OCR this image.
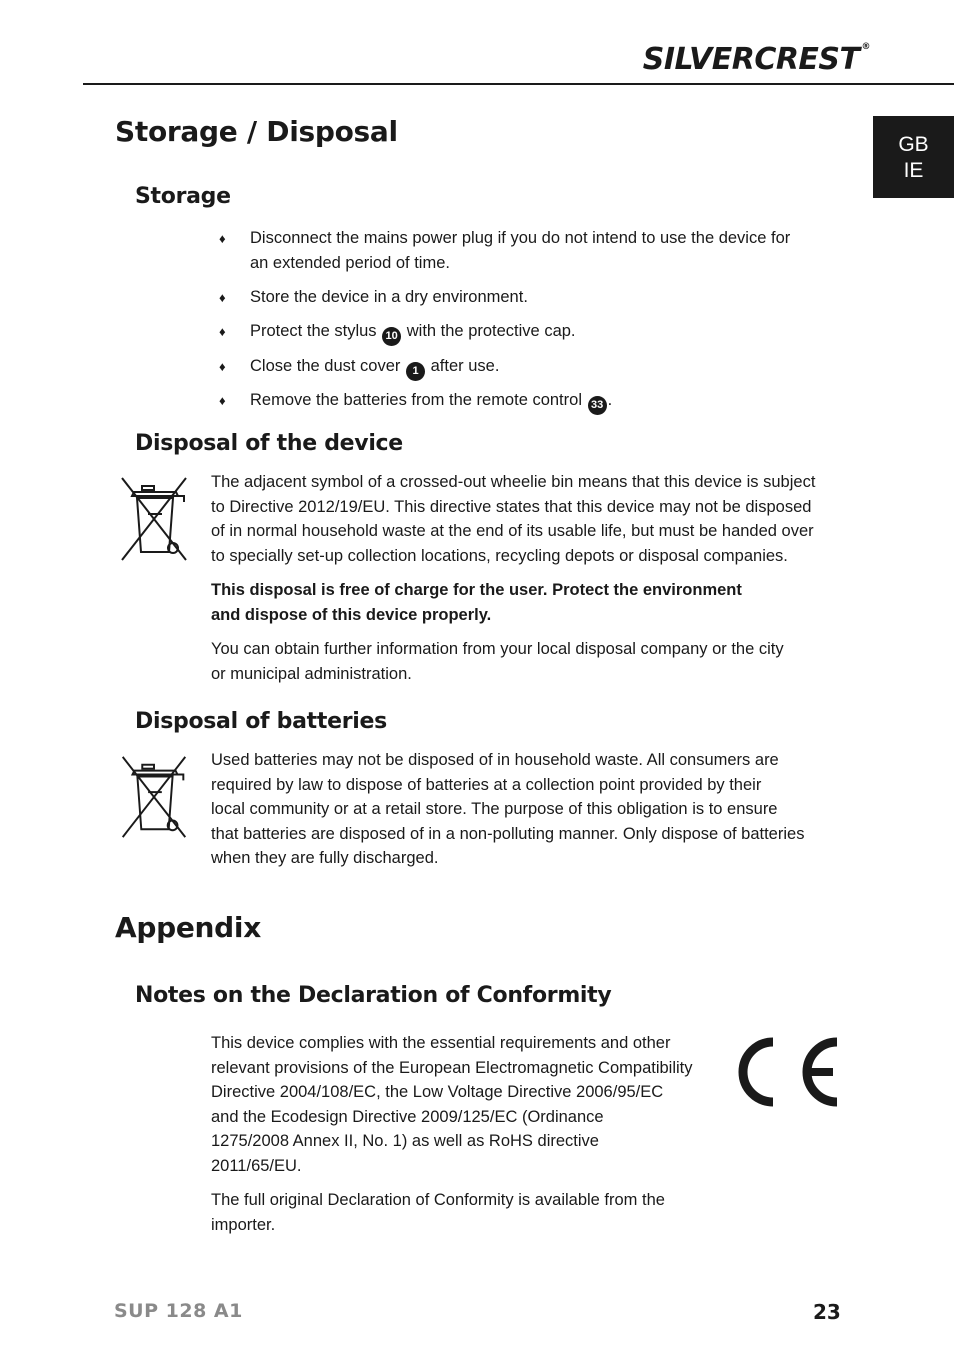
SILVERCREST ®
GB
IE
Storage / Disposal
Storage
♦ Disconnect the mains power plug if you do not intend to use the device for
an extended period of time.
♦ Store the device in a dry environment.
♦ Protect the stylus 10 with the protective cap.
♦ Close the dust cover 1 after use.
♦ Remove the batteries from the remote control 33 .
Disposal of the device
The adjacent symbol of a crossed-out wheelie bin means that this device is subject
to Directive 2012/19/EU. This directive states that this device may not be disposed
of in normal household waste at the end of its usable life, but must be handed over
to specially set-up collection locations, recycling depots or disposal companies.
This disposal is free of charge for the user. Protect the environment
and dispose of this device properly.
You can obtain further information from your local disposal company or the city
or municipal administration.
Disposal of batteries
Used batteries may not be disposed of in household waste. All consumers are
required by law to dispose of batteries at a collection point provided by their
local community or at a retail store. The purpose of this obligation is to ensure
that batteries are disposed of in a non-polluting manner. Only dispose of batteries
when they are fully discharged.
Appendix
Notes on the Declaration of Conformity
This device complies with the essential requirements and other
relevant provisions of the European Electromagnetic Compatibility
Directive 2004/108/EC, the Low Voltage Directive 2006/95/EC
and the Ecodesign Directive 2009/125/EC (Ordinance
1275/2008 Annex II, No. 1) as well as RoHS directive
2011/65/EU.
The full original Declaration of Conformity is available from the
importer.
SUP 128 A1	23
